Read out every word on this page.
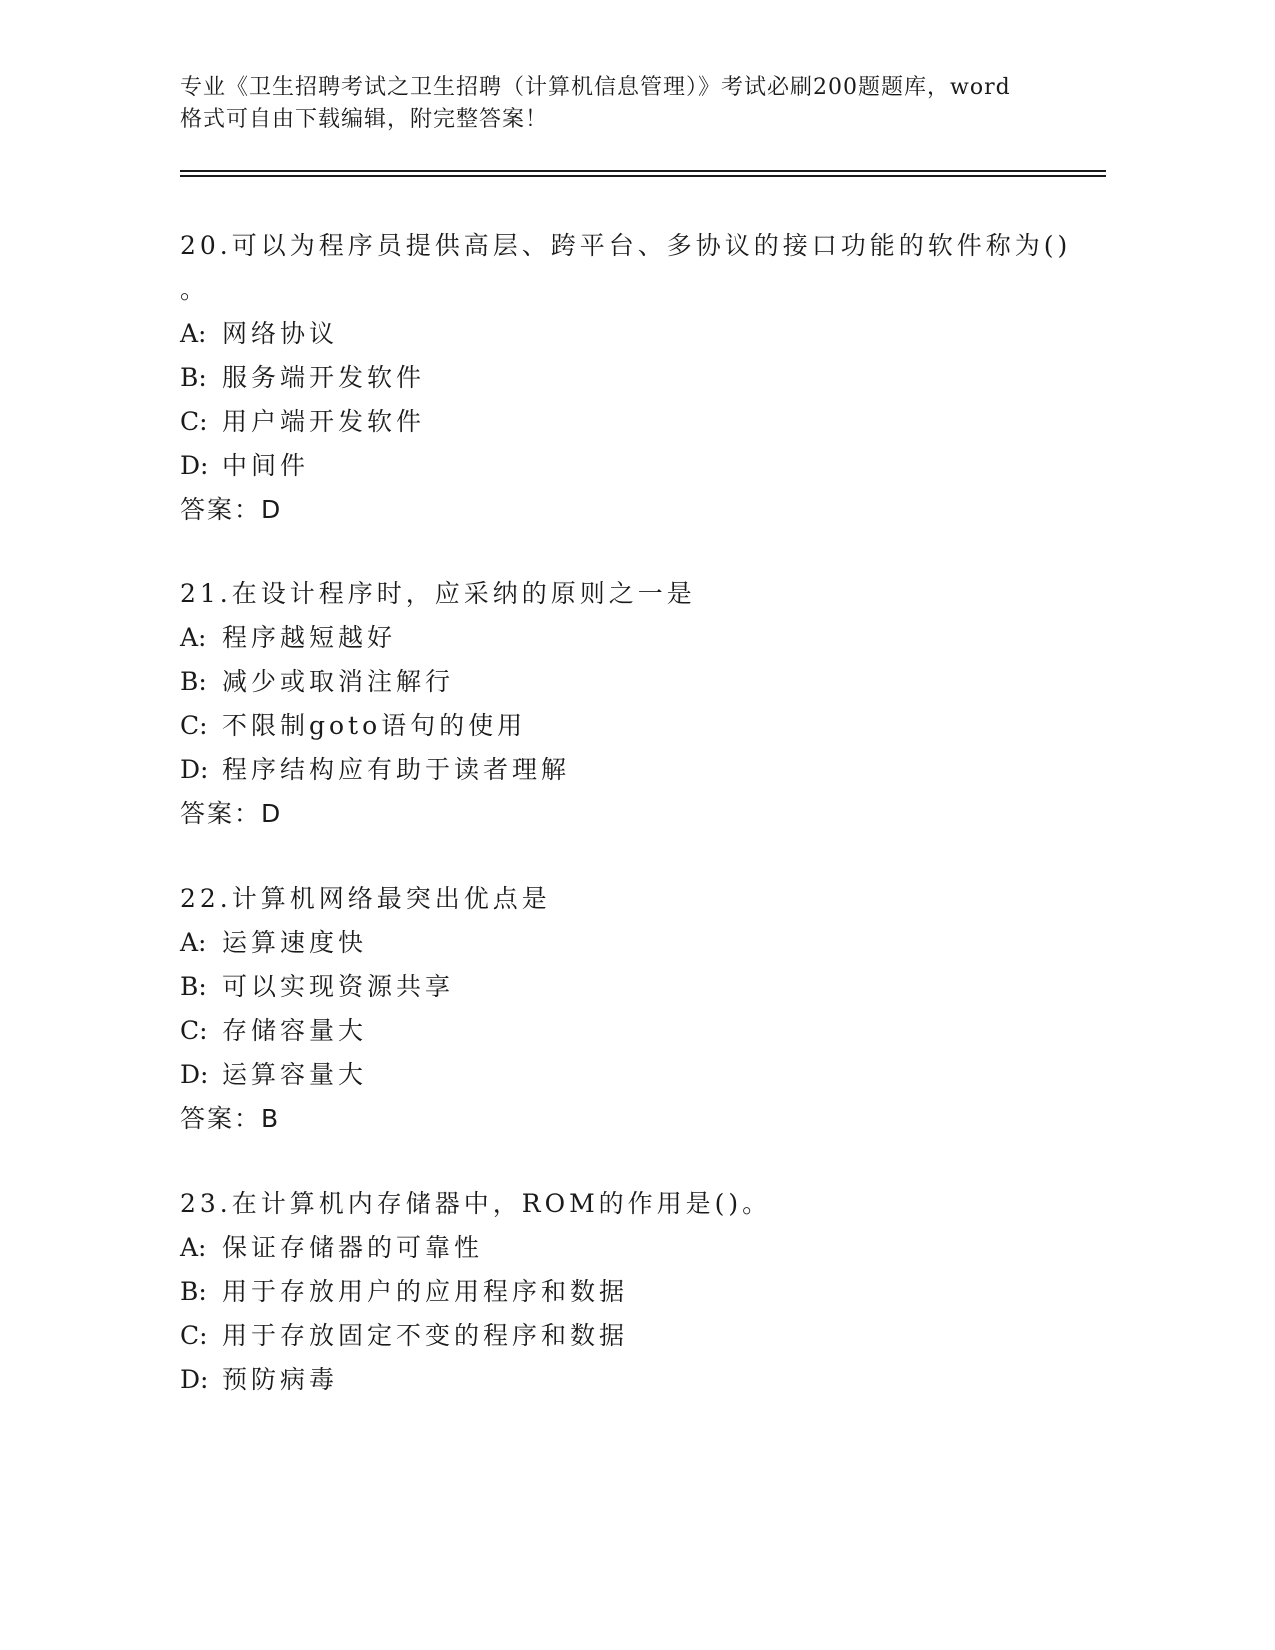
专业《卫生招聘考试之卫生招聘（计算机信息管理）》考试必刷200题题库，word
格式可自由下载编辑，附完整答案！
20.可以为程序员提供高层、跨平台、多协议的接口功能的软件称为()
。
A: 网络协议
B: 服务端开发软件
C: 用户端开发软件
D: 中间件
答案：D
21.在设计程序时，应采纳的原则之一是
A: 程序越短越好
B: 减少或取消注解行
C: 不限制goto语句的使用
D: 程序结构应有助于读者理解
答案：D
22.计算机网络最突出优点是
A: 运算速度快
B: 可以实现资源共享
C: 存储容量大
D: 运算容量大
答案：B
23.在计算机内存储器中，ROM的作用是()。
A: 保证存储器的可靠性
B: 用于存放用户的应用程序和数据
C: 用于存放固定不变的程序和数据
D: 预防病毒
